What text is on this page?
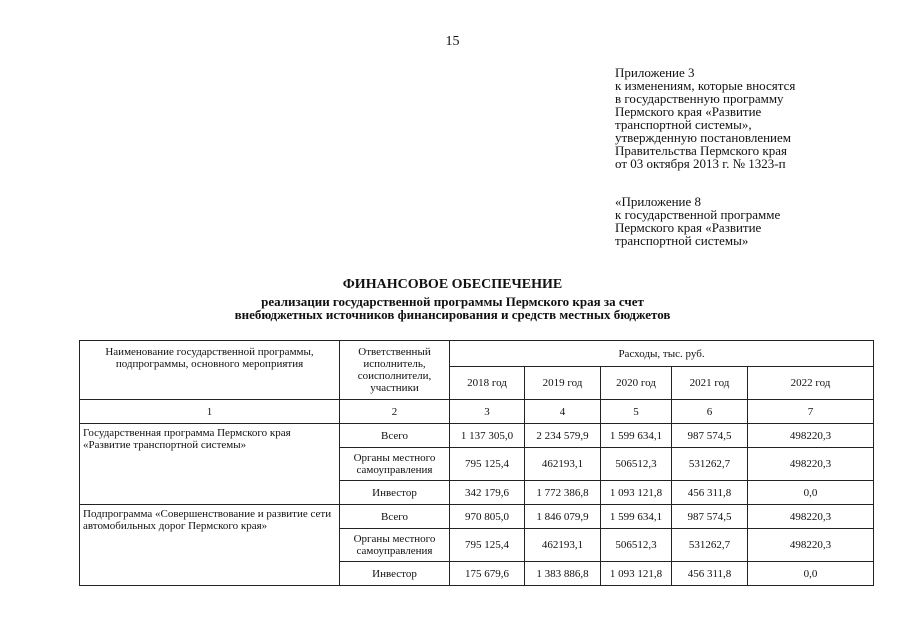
15
Приложение 3
к изменениям, которые вносятся
в государственную программу
Пермского края «Развитие
транспортной системы»,
утвержденную постановлением
Правительства Пермского края
от 03 октября 2013 г. № 1323-п
«Приложение 8
к государственной программе
Пермского края «Развитие
транспортной системы»
ФИНАНСОВОЕ ОБЕСПЕЧЕНИЕ
реализации государственной программы Пермского края за счет
внебюджетных источников финансирования и средств местных бюджетов
Наименование государственной программы, подпрограммы, основного мероприятия	Ответственный исполнитель, соисполнители, участники	Расходы, тыс. руб.				
		2018 год	2019 год	2020 год	2021 год	2022 год
1	2	3	4	5	6	7
Государственная программа Пермского края «Развитие транспортной системы»	Всего	1 137 305,0	2 234 579,9	1 599 634,1	987 574,5	498220,3
	Органы местного самоуправления	795 125,4	462193,1	506512,3	531262,7	498220,3
	Инвестор	342 179,6	1 772 386,8	1 093 121,8	456 311,8	0,0
Подпрограмма «Совершенствование и развитие сети автомобильных дорог Пермского края»	Всего	970 805,0	1 846 079,9	1 599 634,1	987 574,5	498220,3
	Органы местного самоуправления	795 125,4	462193,1	506512,3	531262,7	498220,3
	Инвестор	175 679,6	1 383 886,8	1 093 121,8	456 311,8	0,0
